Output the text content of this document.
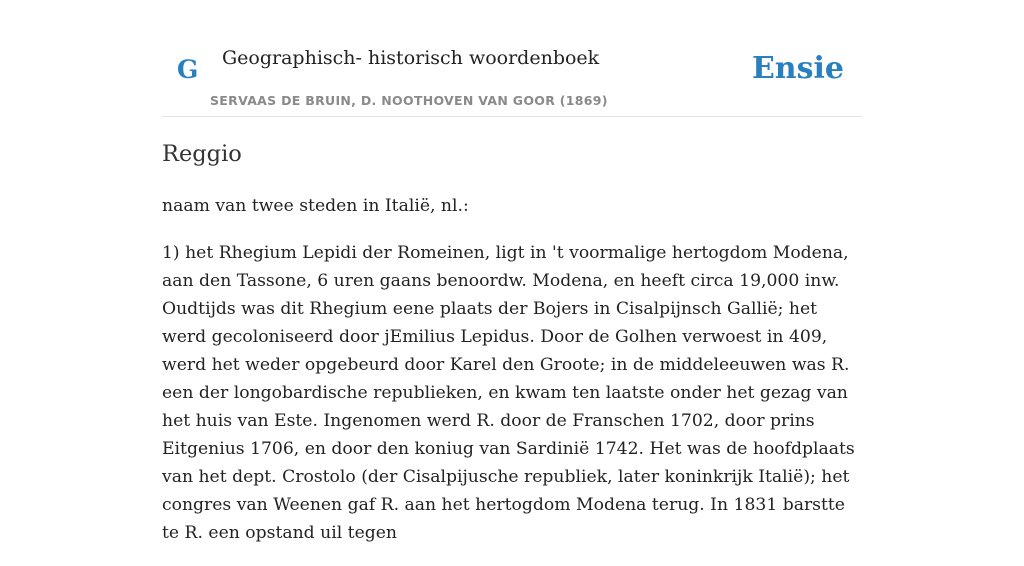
G Geographisch- historisch woordenboek
SERVAAS DE BRUIN, D. NOOTHOVEN VAN GOOR (1869)
Ensie
Reggio

naam van twee steden in Italië, nl.:

1) het Rhegium Lepidi der Romeinen, ligt in 't voormalige hertogdom Modena, aan den Tassone, 6 uren gaans benoordw. Modena, en heeft circa 19,000 inw. Oudtijds was dit Rhegium eene plaats der Bojers in Cisalpijnsch Gallië; het werd gecoloniseerd door jEmilius Lepidus. Door de Golhen verwoest in 409, werd het weder opgebeurd door Karel den Groote; in de middeleeuwen was R. een der longobardische republieken, en kwam ten laatste onder het gezag van het huis van Este. Ingenomen werd R. door de Franschen 1702, door prins Eitgenius 1706, en door den koniug van Sardinië 1742. Het was de hoofdplaats van het dept. Crostolo (der Cisalpijusche republiek, later koninkrijk Italië); het congres van Weenen gaf R. aan het hertogdom Modena terug. In 1831 barstte te R. een opstand uil tegen
